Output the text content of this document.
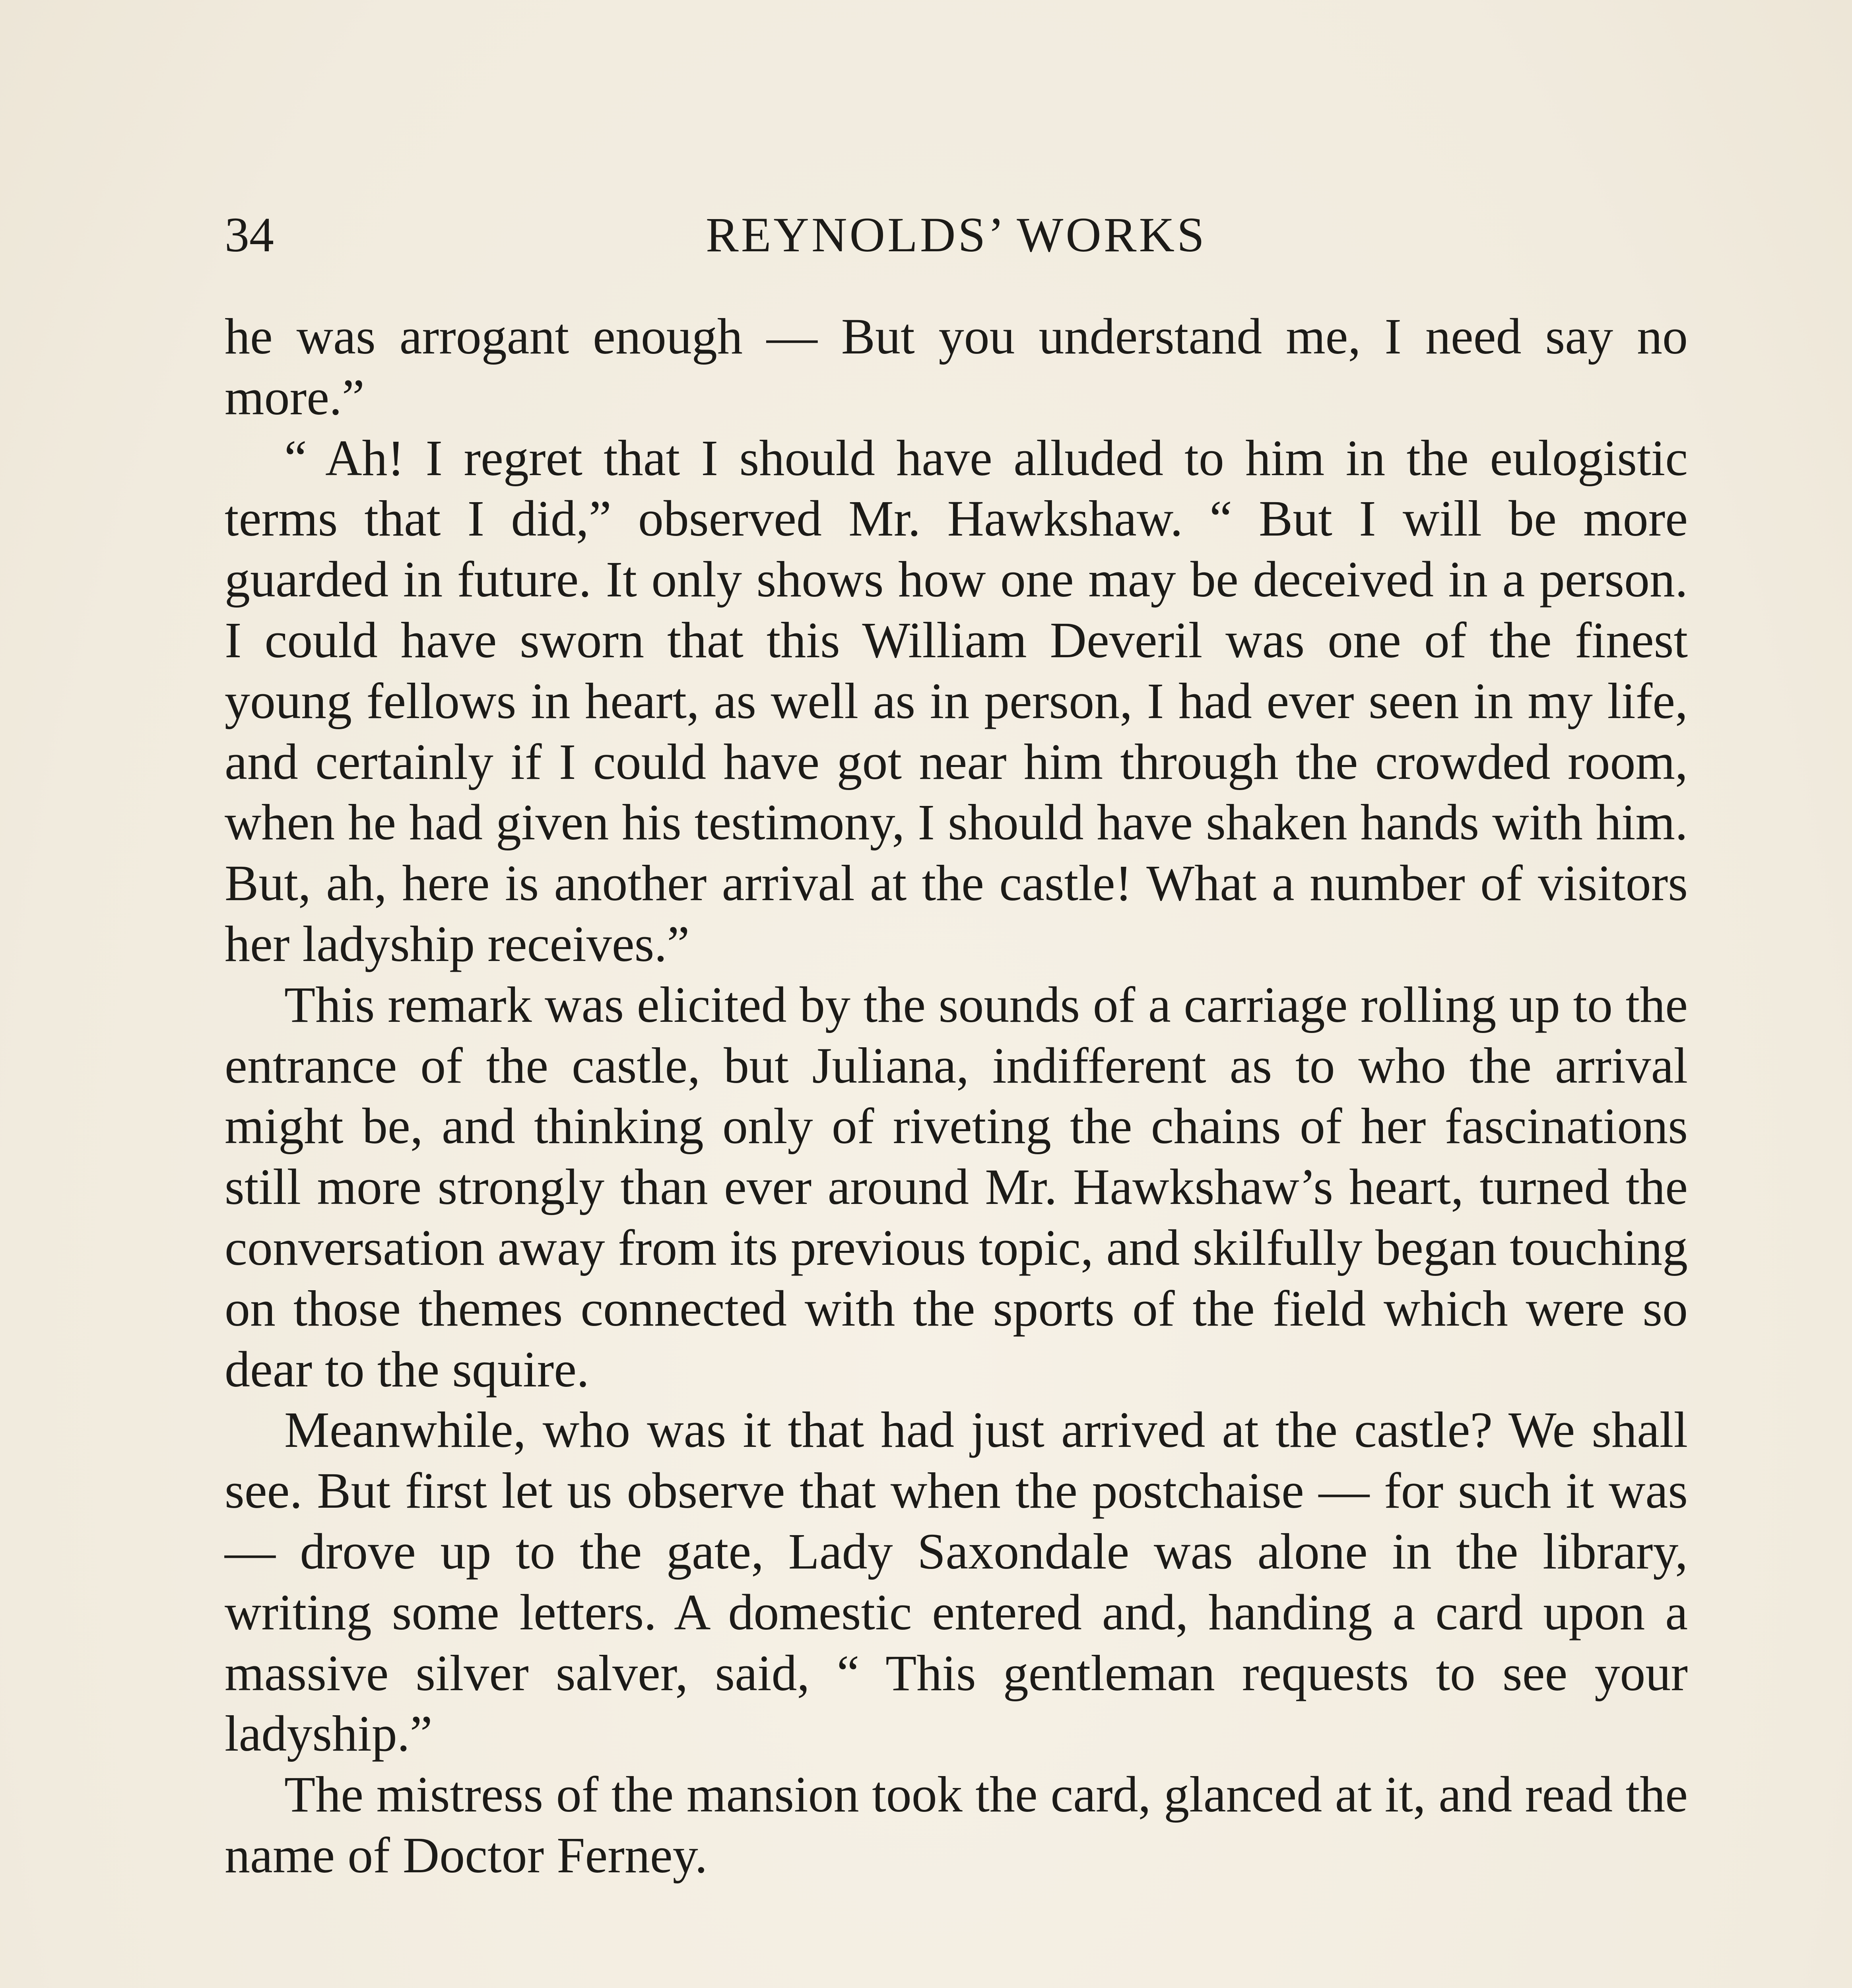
34	REYNOLDS’ WORKS

he was arrogant enough — But you understand me, I need say no more.”

“ Ah! I regret that I should have alluded to him in the eulogistic terms that I did,” observed Mr. Hawkshaw. “ But I will be more guarded in future. It only shows how one may be deceived in a person. I could have sworn that this William Deveril was one of the finest young fellows in heart, as well as in person, I had ever seen in my life, and certainly if I could have got near him through the crowded room, when he had given his testimony, I should have shaken hands with him. But, ah, here is another arrival at the castle! What a number of visitors her ladyship receives.”

This remark was elicited by the sounds of a carriage rolling up to the entrance of the castle, but Juliana, indifferent as to who the arrival might be, and thinking only of riveting the chains of her fascinations still more strongly than ever around Mr. Hawkshaw’s heart, turned the conversation away from its previous topic, and skilfully began touching on those themes connected with the sports of the field which were so dear to the squire.

Meanwhile, who was it that had just arrived at the castle? We shall see. But first let us observe that when the postchaise — for such it was — drove up to the gate, Lady Saxondale was alone in the library, writing some letters. A domestic entered and, handing a card upon a massive silver salver, said, “ This gentleman requests to see your ladyship.”

The mistress of the mansion took the card, glanced at it, and read the name of Doctor Ferney.
